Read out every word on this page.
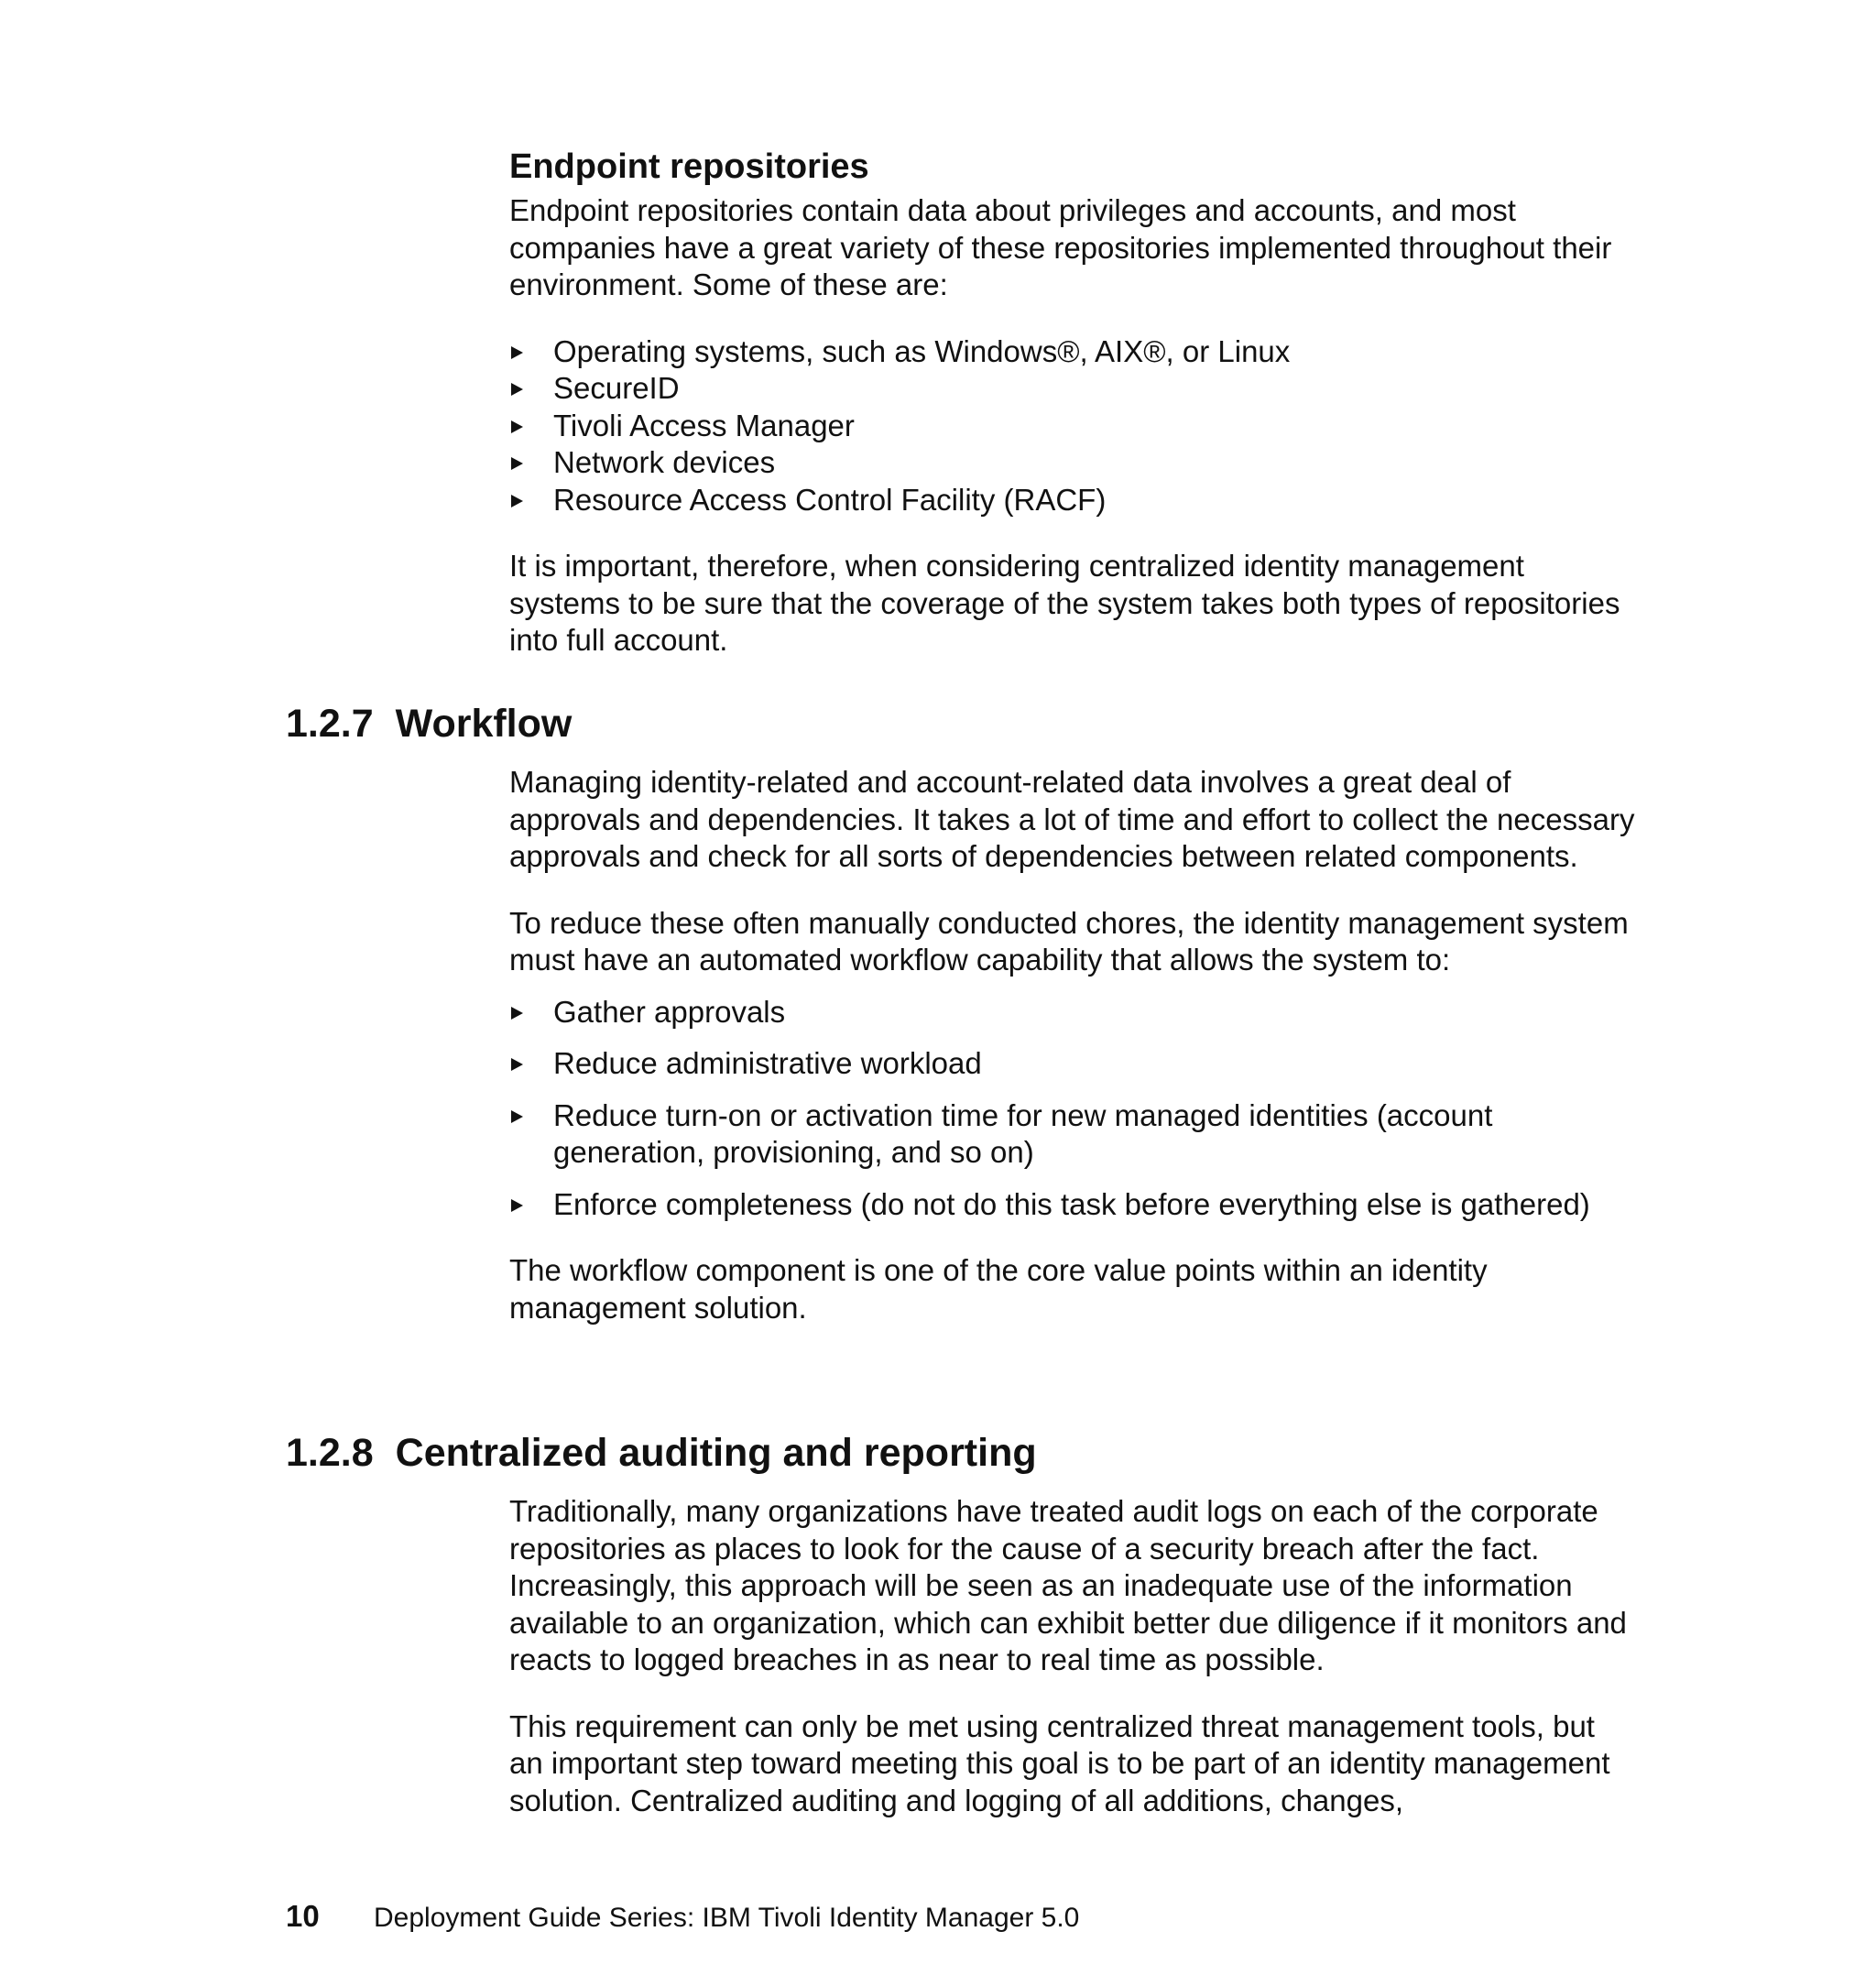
Endpoint repositories

Endpoint repositories contain data about privileges and accounts, and most companies have a great variety of these repositories implemented throughout their environment. Some of these are:

Operating systems, such as Windows®, AIX®, or Linux
SecureID
Tivoli Access Manager
Network devices
Resource Access Control Facility (RACF)

It is important, therefore, when considering centralized identity management systems to be sure that the coverage of the system takes both types of repositories into full account.

1.2.7 Workflow

Managing identity-related and account-related data involves a great deal of approvals and dependencies. It takes a lot of time and effort to collect the necessary approvals and check for all sorts of dependencies between related components.

To reduce these often manually conducted chores, the identity management system must have an automated workflow capability that allows the system to:

Gather approvals
Reduce administrative workload
Reduce turn-on or activation time for new managed identities (account generation, provisioning, and so on)
Enforce completeness (do not do this task before everything else is gathered)

The workflow component is one of the core value points within an identity management solution.

1.2.8 Centralized auditing and reporting

Traditionally, many organizations have treated audit logs on each of the corporate repositories as places to look for the cause of a security breach after the fact. Increasingly, this approach will be seen as an inadequate use of the information available to an organization, which can exhibit better due diligence if it monitors and reacts to logged breaches in as near to real time as possible.

This requirement can only be met using centralized threat management tools, but an important step toward meeting this goal is to be part of an identity management solution. Centralized auditing and logging of all additions, changes,

10 Deployment Guide Series: IBM Tivoli Identity Manager 5.0
